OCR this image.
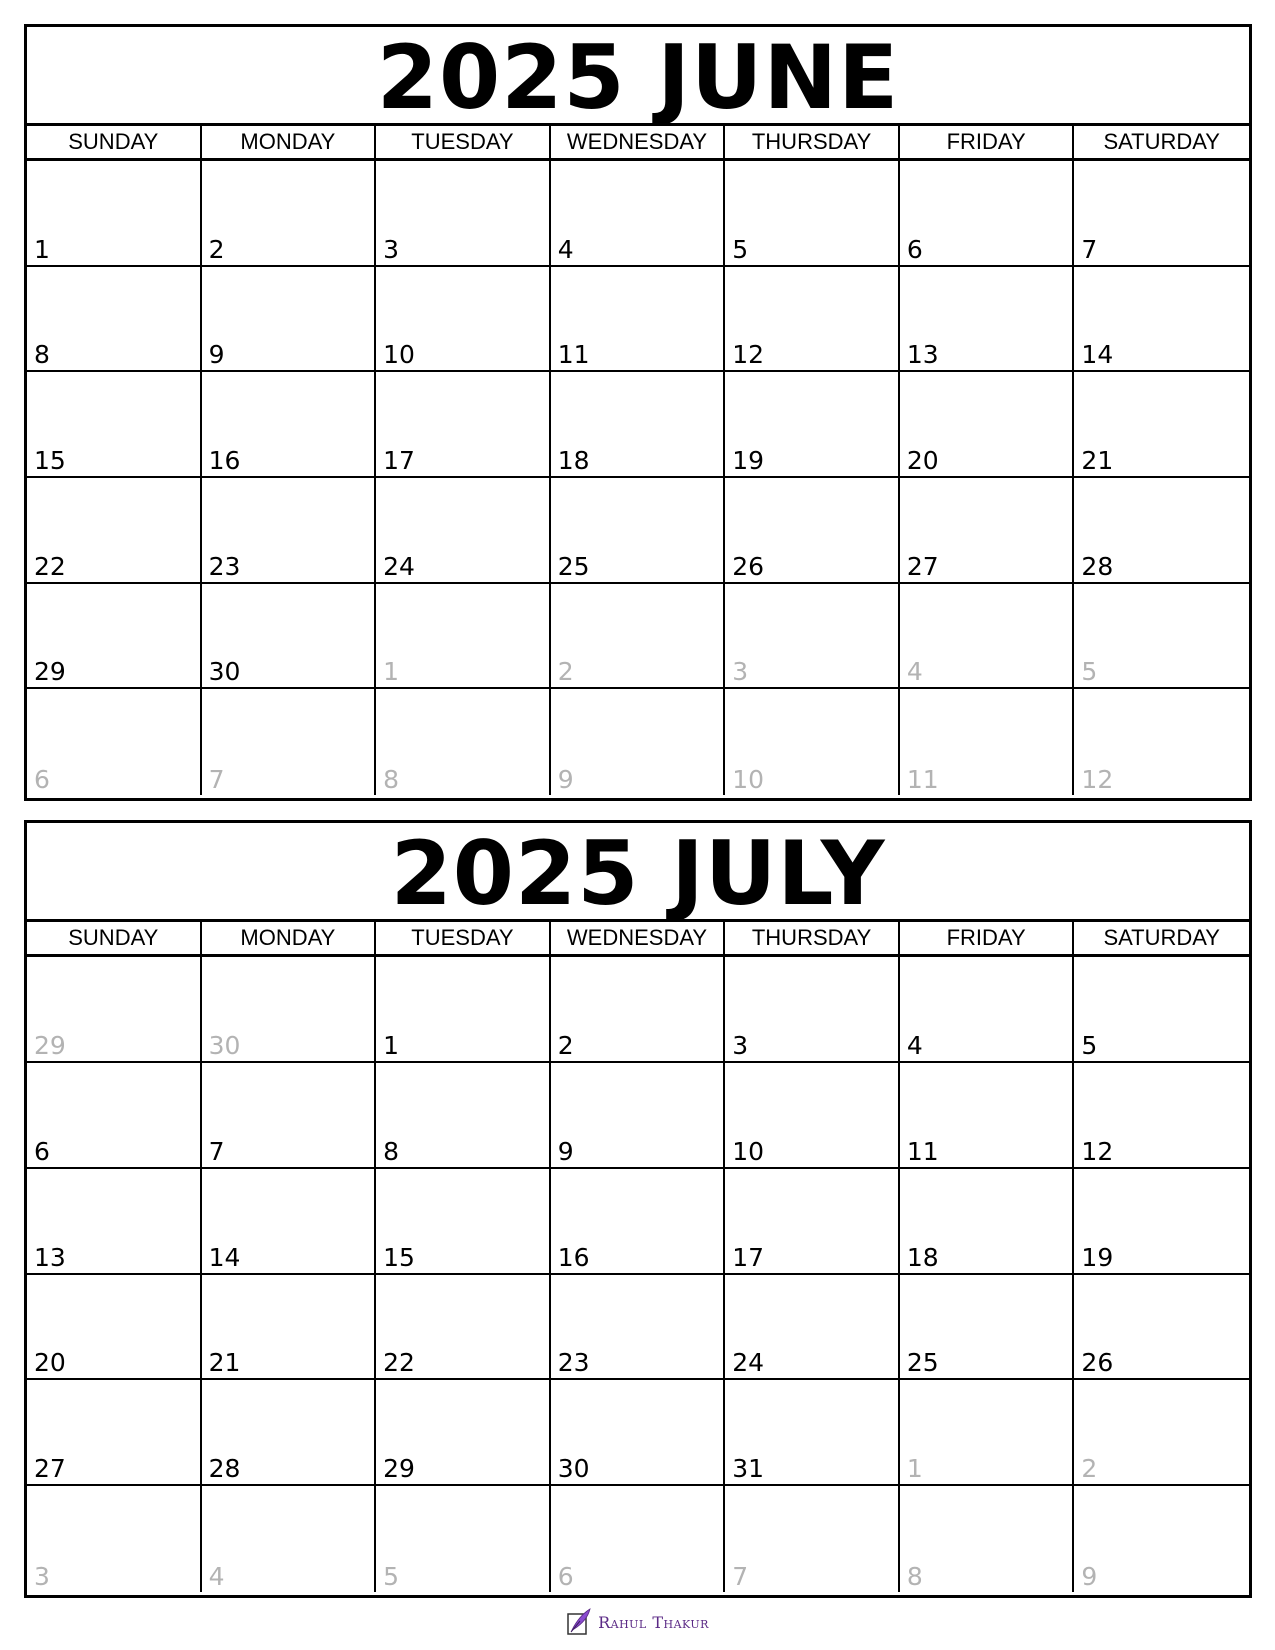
2025 JUNE
SUNDAY	MONDAY	TUESDAY	WEDNESDAY	THURSDAY	FRIDAY	SATURDAY
1	2	3	4	5	6	7
8	9	10	11	12	13	14
15	16	17	18	19	20	21
22	23	24	25	26	27	28
29	30	1	2	3	4	5
6	7	8	9	10	11	12
2025 JULY
SUNDAY	MONDAY	TUESDAY	WEDNESDAY	THURSDAY	FRIDAY	SATURDAY
29	30	1	2	3	4	5
6	7	8	9	10	11	12
13	14	15	16	17	18	19
20	21	22	23	24	25	26
27	28	29	30	31	1	2
3	4	5	6	7	8	9
Rahul Thakur
